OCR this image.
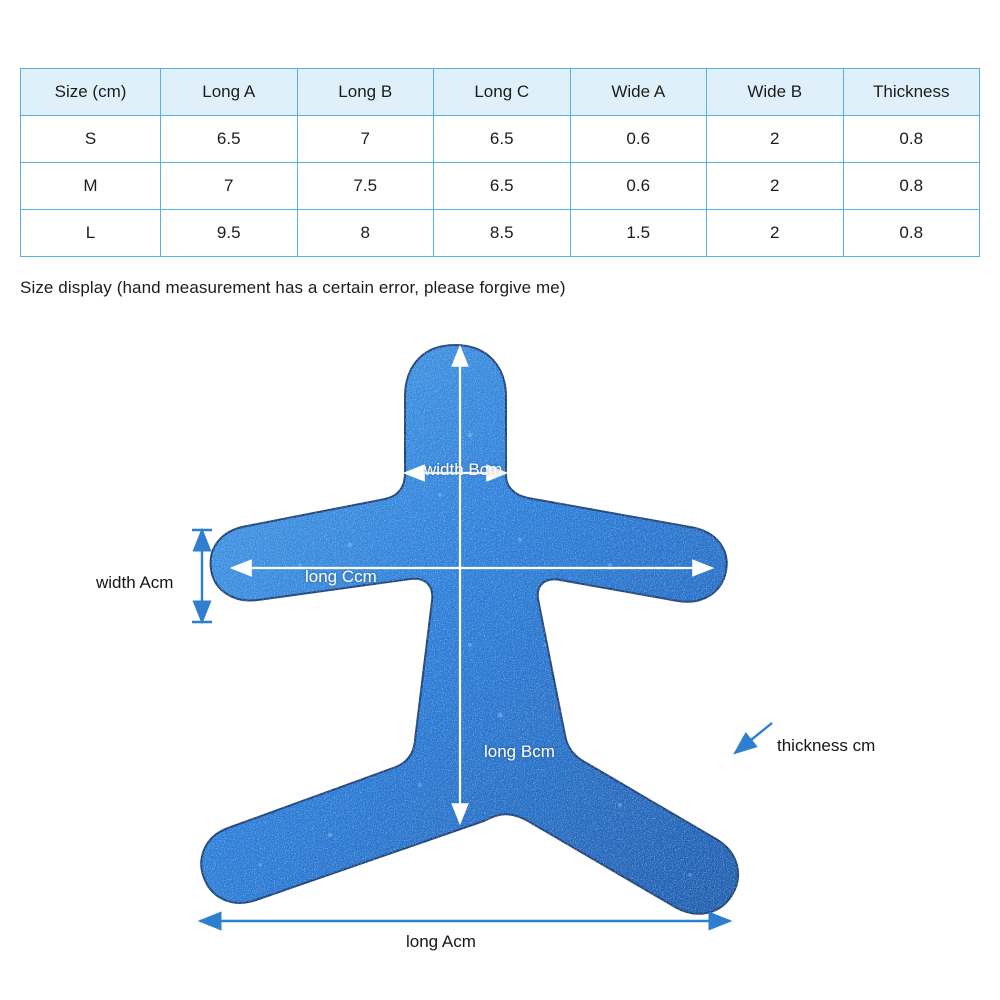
Size (cm)	Long A	Long B	Long C	Wide A	Wide B	Thickness
S	6.5	7	6.5	0.6	2	0.8
M	7	7.5	6.5	0.6	2	0.8
L	9.5	8	8.5	1.5	2	0.8
Size display (hand measurement has a certain error, please forgive me)
width Acm
width Bcm
long Ccm
long Bcm
long Acm
thickness cm
